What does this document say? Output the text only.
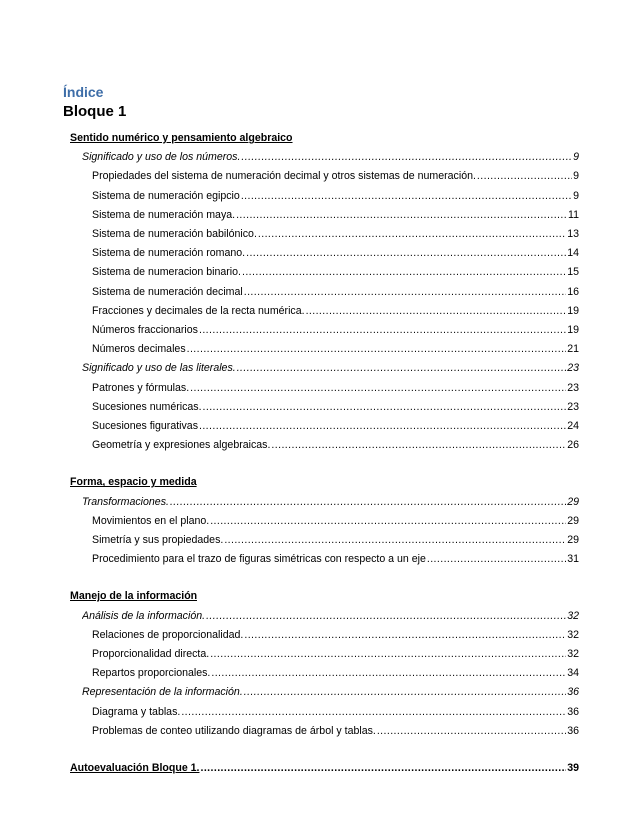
Índice
Bloque 1
Sentido numérico y pensamiento algebraico
Significado y uso de los números. .....	9
Propiedades del sistema de numeración decimal y otros sistemas de numeración. .....	9
Sistema de numeración egipcio .....	9
Sistema de numeración maya. .....	11
Sistema de numeración babilónico. .....	13
Sistema de numeración romano. .....	14
Sistema de numeracion binario. .....	15
Sistema de numeración decimal .....	16
Fracciones y decimales de la recta numérica. .....	19
Números fraccionarios .....	19
Números decimales .....	21
Significado y uso de las literales. .....	23
Patrones y fórmulas. .....	23
Sucesiones numéricas. .....	23
Sucesiones figurativas .....	24
Geometría y expresiones algebraicas. .....	26
Forma, espacio y medida
Transformaciones. .....	29
Movimientos en el plano. .....	29
Simetría y sus propiedades. .....	29
Procedimiento para el trazo de figuras simétricas con respecto a un eje .....	31
Manejo de la información
Análisis de la información. .....	32
Relaciones de proporcionalidad. .....	32
Proporcionalidad directa. .....	32
Repartos proporcionales. .....	34
Representación de la información. .....	36
Diagrama y tablas. .....	36
Problemas de conteo utilizando diagramas de árbol y tablas. .....	36
Autoevaluación Bloque 1. .....	39
